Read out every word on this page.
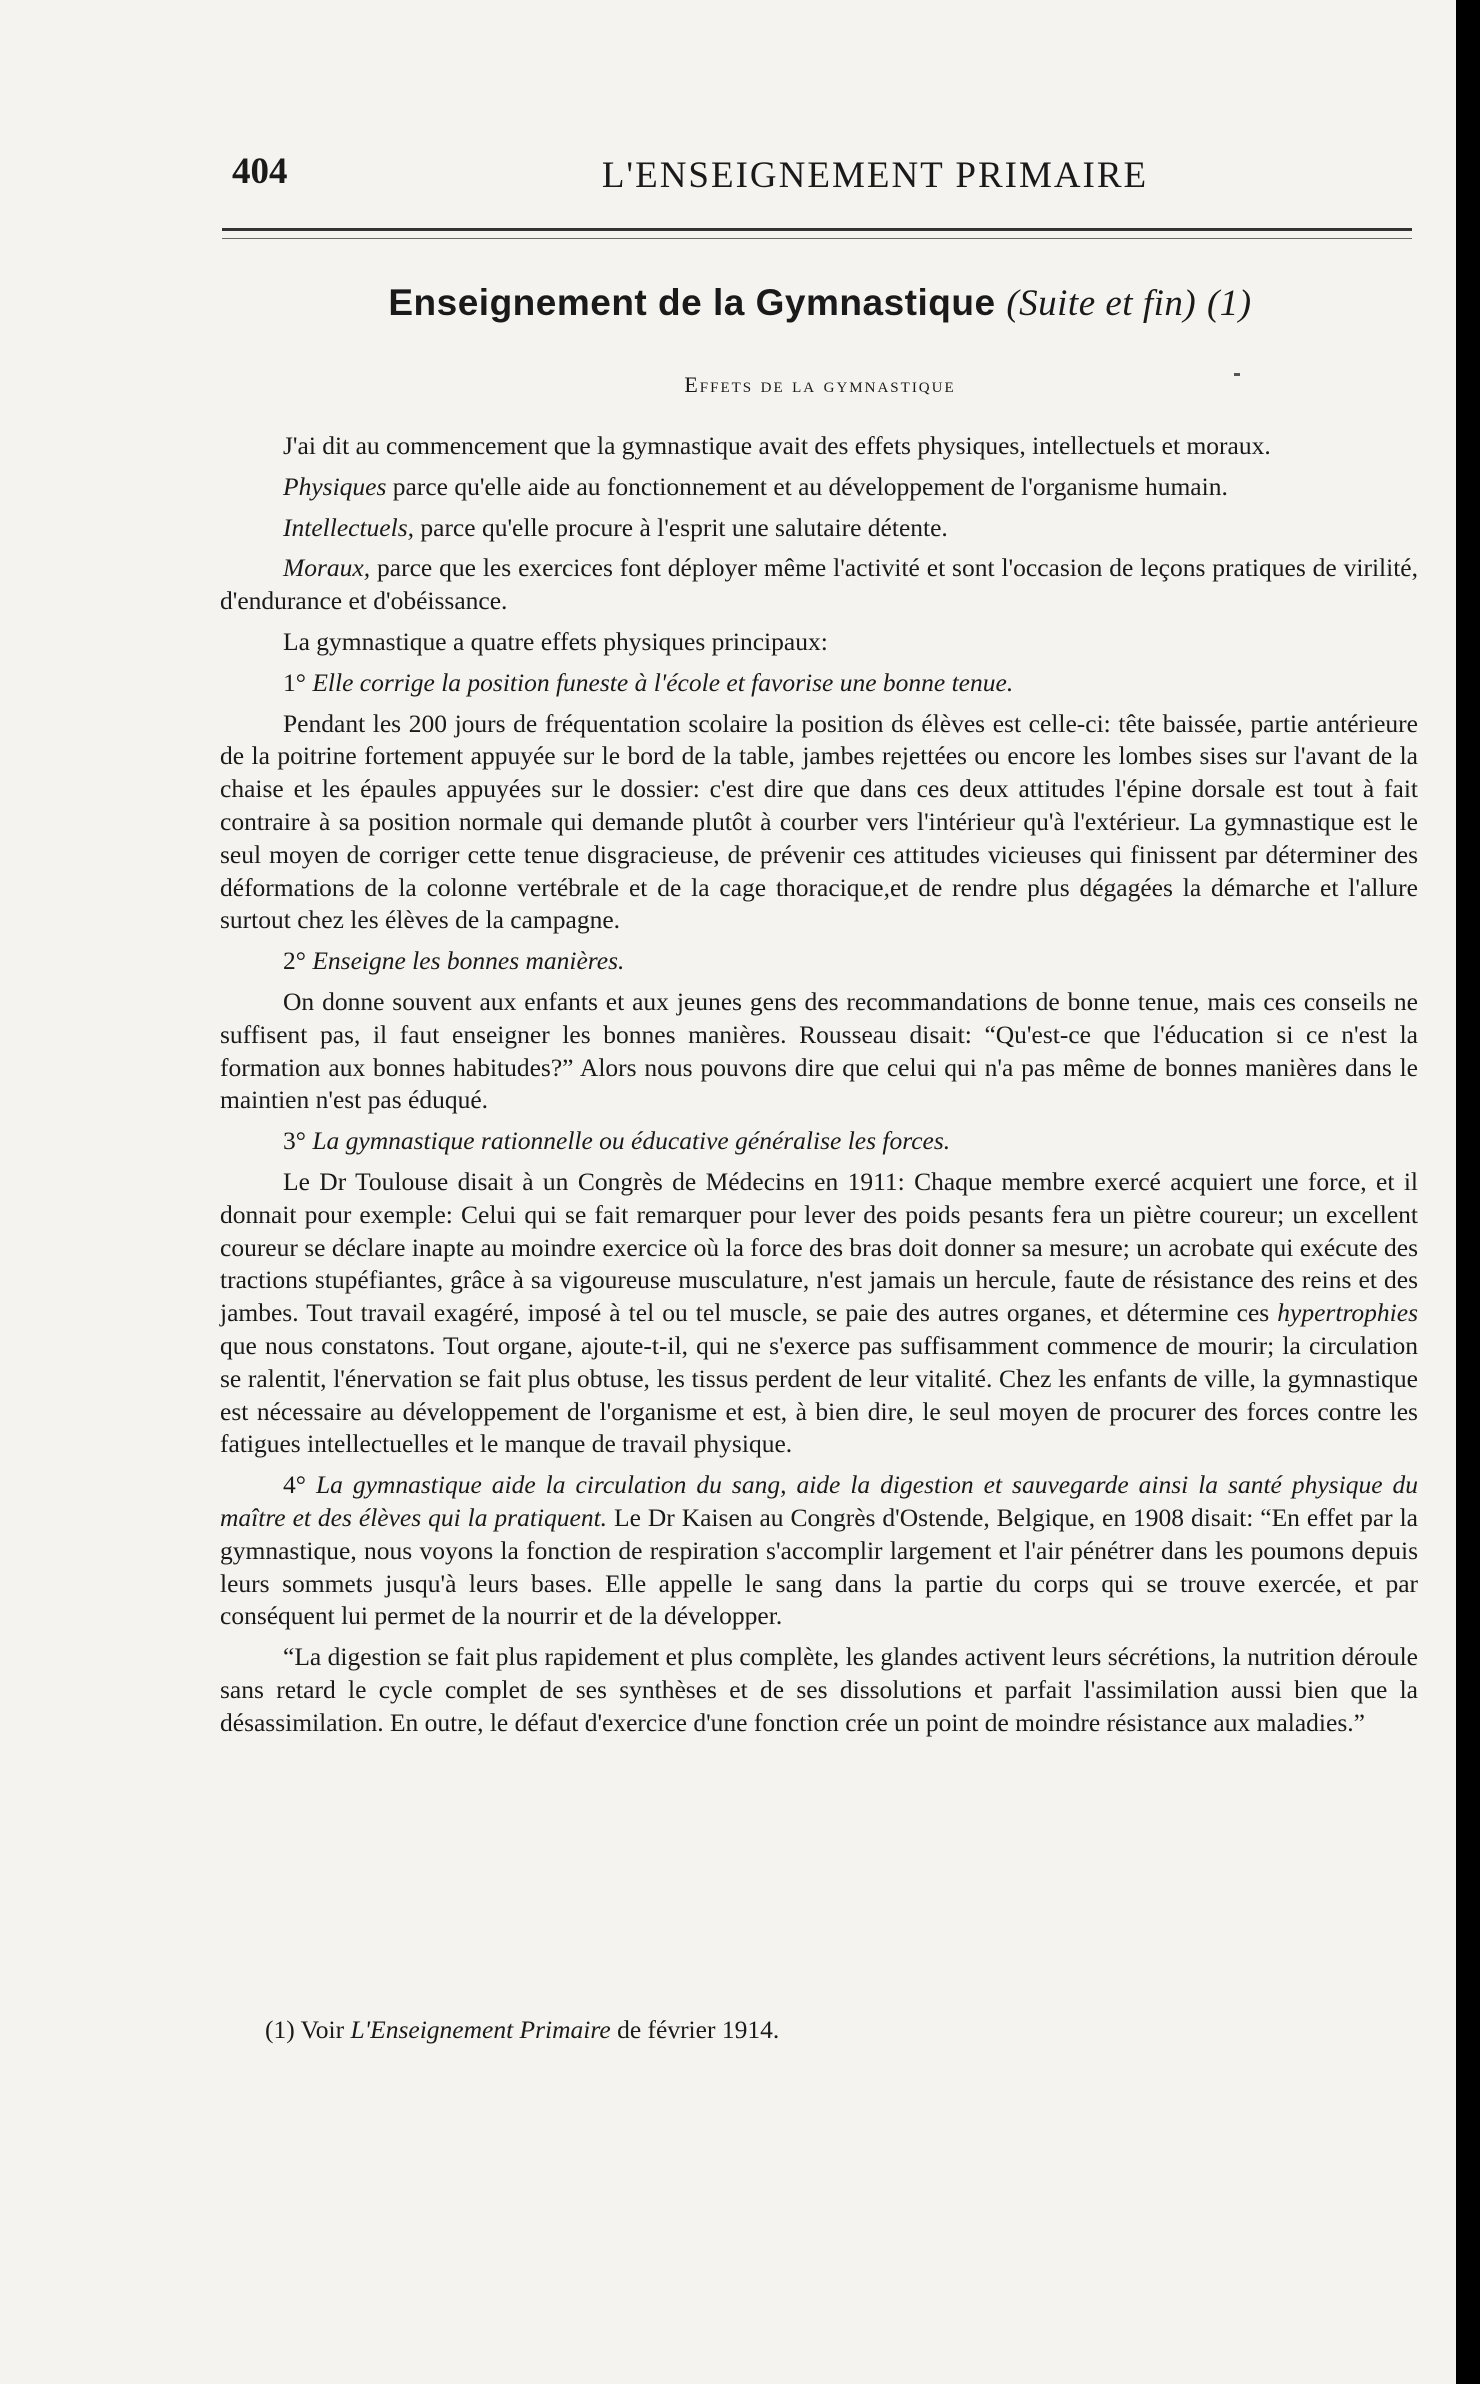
404	L'ENSEIGNEMENT PRIMAIRE
Enseignement de la Gymnastique (Suite et fin) (1)
Effets de la gymnastique

J'ai dit au commencement que la gymnastique avait des effets physiques, intellectuels et moraux.

Physiques parce qu'elle aide au fonctionnement et au développement de l'organisme humain.

Intellectuels, parce qu'elle procure à l'esprit une salutaire détente.

Moraux, parce que les exercices font déployer même l'activité et sont l'occasion de leçons pratiques de virilité, d'endurance et d'obéissance.

La gymnastique a quatre effets physiques principaux:

1° Elle corrige la position funeste à l'école et favorise une bonne tenue.

Pendant les 200 jours de fréquentation scolaire la position ds élèves est celle-ci: tête baissée, partie antérieure de la poitrine fortement appuyée sur le bord de la table, jambes rejettées ou encore les lombes sises sur l'avant de la chaise et les épaules appuyées sur le dossier: c'est dire que dans ces deux attitudes l'épine dorsale est tout à fait contraire à sa position normale qui demande plutôt à courber vers l'intérieur qu'à l'extérieur. La gymnastique est le seul moyen de corriger cette tenue disgracieuse, de prévenir ces attitudes vicieuses qui finissent par déterminer des déformations de la colonne vertébrale et de la cage thoracique,et de rendre plus dégagées la démarche et l'allure surtout chez les élèves de la campagne.

2° Enseigne les bonnes manières.

On donne souvent aux enfants et aux jeunes gens des recommandations de bonne tenue, mais ces conseils ne suffisent pas, il faut enseigner les bonnes manières. Rousseau disait: “Qu'est-ce que l'éducation si ce n'est la formation aux bonnes habitudes?” Alors nous pouvons dire que celui qui n'a pas même de bonnes manières dans le maintien n'est pas éduqué.

3° La gymnastique rationnelle ou éducative généralise les forces.

Le Dr Toulouse disait à un Congrès de Médecins en 1911: Chaque membre exercé acquiert une force, et il donnait pour exemple: Celui qui se fait remarquer pour lever des poids pesants fera un piètre coureur; un excellent coureur se déclare inapte au moindre exercice où la force des bras doit donner sa mesure; un acrobate qui exécute des tractions stupéfiantes, grâce à sa vigoureuse musculature, n'est jamais un hercule, faute de résistance des reins et des jambes. Tout travail exagéré, imposé à tel ou tel muscle, se paie des autres organes, et détermine ces hypertrophies que nous constatons. Tout organe, ajoute-t-il, qui ne s'exerce pas suffisamment commence de mourir; la circulation se ralentit, l'énervation se fait plus obtuse, les tissus perdent de leur vitalité. Chez les enfants de ville, la gymnastique est nécessaire au développement de l'organisme et est, à bien dire, le seul moyen de procurer des forces contre les fatigues intellectuelles et le manque de travail physique.

4° La gymnastique aide la circulation du sang, aide la digestion et sauvegarde ainsi la santé physique du maître et des élèves qui la pratiquent. Le Dr Kaisen au Congrès d'Ostende, Belgique, en 1908 disait: “En effet par la gymnastique, nous voyons la fonction de respiration s'accomplir largement et l'air pénétrer dans les poumons depuis leurs sommets jusqu'à leurs bases. Elle appelle le sang dans la partie du corps qui se trouve exercée, et par conséquent lui permet de la nourrir et de la développer.

“La digestion se fait plus rapidement et plus complète, les glandes activent leurs sécrétions, la nutrition déroule sans retard le cycle complet de ses synthèses et de ses dissolutions et parfait l'assimilation aussi bien que la désassimilation. En outre, le défaut d'exercice d'une fonction crée un point de moindre résistance aux maladies.”

(1) Voir L'Enseignement Primaire de février 1914.
